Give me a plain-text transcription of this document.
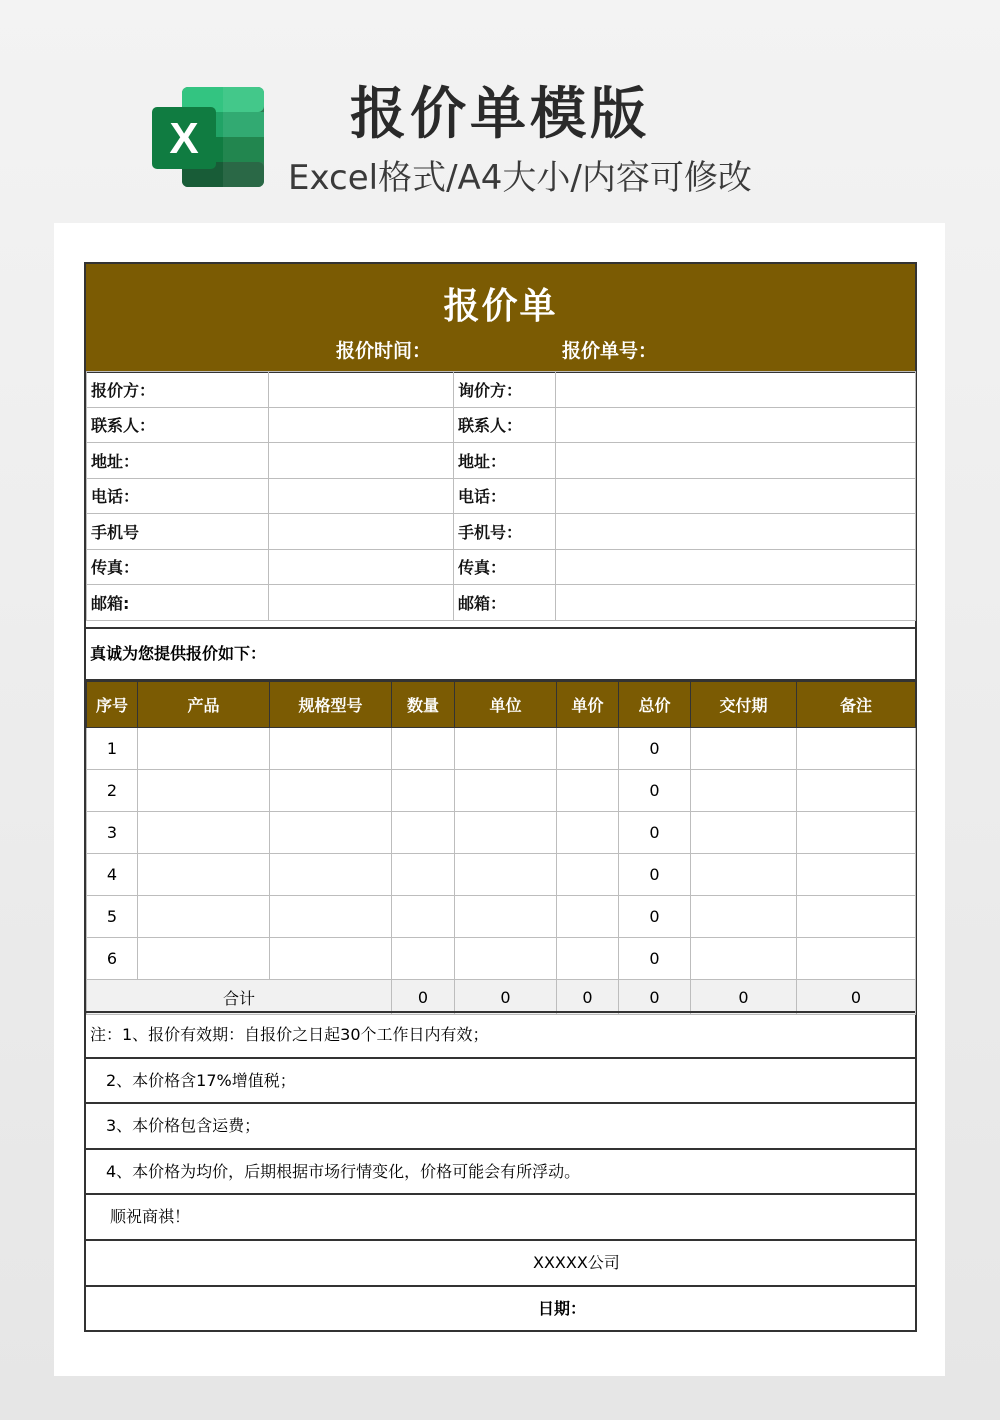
X	报价单模版
Excel格式/A4大小/内容可修改
报价单
报价时间：	报价单号：
报价方：		询价方：	
联系人：		联系人：	
地址：		地址：	
电话：		电话：	
手机号		手机号：	
传真：		传真：	
邮箱:		邮箱：	
真诚为您提供报价如下：
序号	产品	规格型号	数量	单位	单价	总价	交付期	备注
1						0		
2						0		
3						0		
4						0		
5						0		
6						0		
合计			0	0	0	0	0	0
注：1、报价有效期：自报价之日起30个工作日内有效；
2、本价格含17%增值税；
3、本价格包含运费；
4、本价格为均价，后期根据市场行情变化，价格可能会有所浮动。
顺祝商祺！
XXXXX公司
日期：
